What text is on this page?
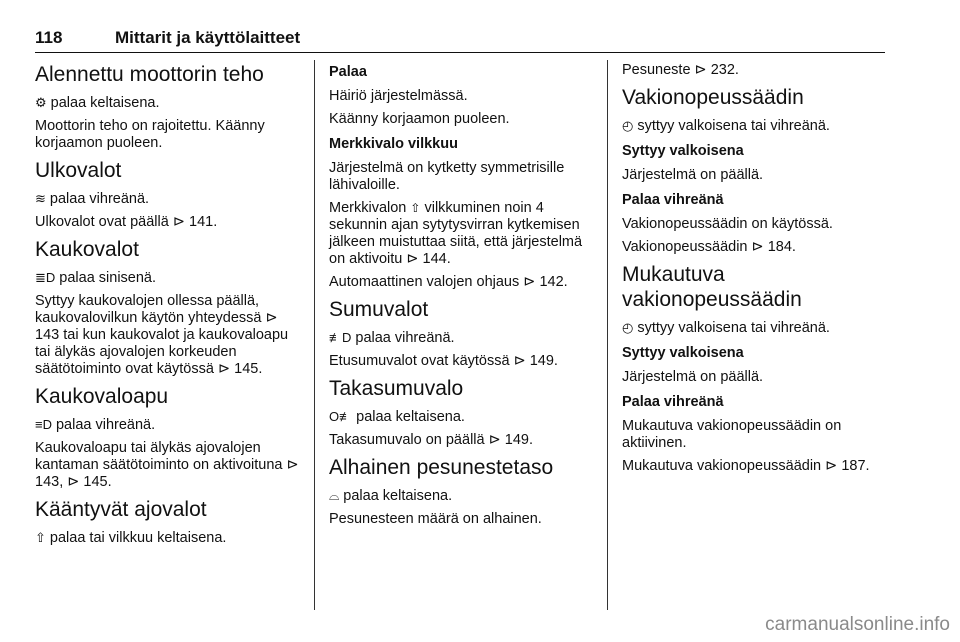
118	Mittarit ja käyttölaitteet
Alennettu moottorin teho

⚙ palaa keltaisena.

Moottorin teho on rajoitettu. Käänny korjaamon puoleen.

Ulkovalot

≋ palaa vihreänä.

Ulkovalot ovat päällä ⊳ 141.

Kaukovalot

≣D palaa sinisenä.

Syttyy kaukovalojen ollessa päällä, kaukovalovilkun käytön yhteydessä ⊳ 143 tai kun kaukovalot ja kaukovaloapu tai älykäs ajovalojen korkeuden säätötoiminto ovat käytössä ⊳ 145.

Kaukovaloapu

≡D palaa vihreänä.

Kaukovaloapu tai älykäs ajovalojen kantaman säätötoiminto on aktivoituna ⊳ 143, ⊳ 145.

Kääntyvät ajovalot

⇧ palaa tai vilkkuu keltaisena.

Palaa

Häiriö järjestelmässä.

Käänny korjaamon puoleen.

Merkkivalo vilkkuu

Järjestelmä on kytketty symmetrisille lähivaloille.

Merkkivalon ⇧ vilkkuminen noin 4 sekunnin ajan sytytysvirran kytkemisen jälkeen muistuttaa siitä, että järjestelmä on aktivoitu ⊳ 144.

Automaattinen valojen ohjaus ⊳ 142.

Sumuvalot

≢D palaa vihreänä.

Etusumuvalot ovat käytössä ⊳ 149.

Takasumuvalo

O≢ palaa keltaisena.

Takasumuvalo on päällä ⊳ 149.

Alhainen pesunestetaso

⌓ palaa keltaisena.

Pesunesteen määrä on alhainen.

Pesuneste ⊳ 232.

Vakionopeussäädin

◴ syttyy valkoisena tai vihreänä.

Syttyy valkoisena

Järjestelmä on päällä.

Palaa vihreänä

Vakionopeussäädin on käytössä.

Vakionopeussäädin ⊳ 184.

Mukautuva
vakionopeussäädin

◴ syttyy valkoisena tai vihreänä.

Syttyy valkoisena

Järjestelmä on päällä.

Palaa vihreänä

Mukautuva vakionopeussäädin on aktiivinen.

Mukautuva vakionopeussäädin ⊳ 187.

carmanualsonline.info
